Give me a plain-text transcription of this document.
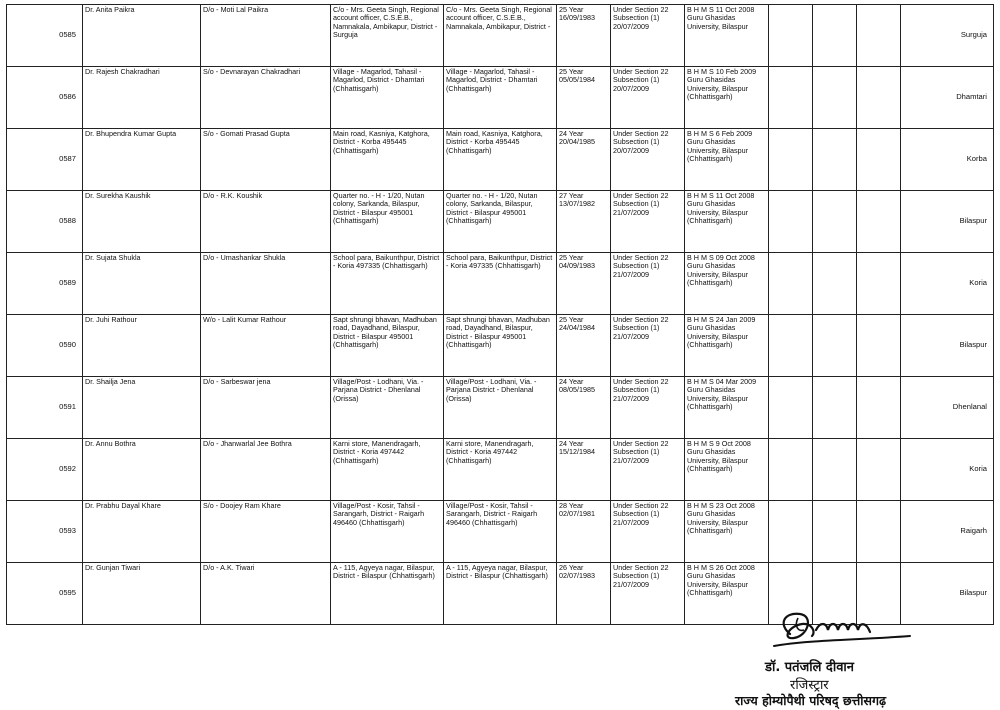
0585	Dr. Anita Paikra	D/o - Moti Lal Paikra	C/o - Mrs. Geeta Singh, Regional account officer, C.S.E.B., Namnakala, Ambikapur, District - Surguja	C/o - Mrs. Geeta Singh, Regional account officer, C.S.E.B., Namnakala, Ambikapur, District -	25 Year 16/09/1983	Under Section 22 Subsection (1) 20/07/2009	B H M S 11 Oct 2008 Guru Ghasidas University, Bilaspur				Surguja
0586	Dr. Rajesh Chakradhari	S/o - Devnarayan Chakradhari	Village - Magarlod, Tahasil - Magarlod, District - Dhamtari (Chhattisgarh)	Village - Magarlod, Tahasil - Magarlod, District - Dhamtari (Chhattisgarh)	25 Year 05/05/1984	Under Section 22 Subsection (1) 20/07/2009	B H M S 10 Feb 2009 Guru Ghasidas University, Bilaspur (Chhattisgarh)				Dhamtari
0587	Dr. Bhupendra Kumar Gupta	S/o - Gomati Prasad Gupta	Main road, Kasniya, Katghora, District - Korba 495445 (Chhattisgarh)	Main road, Kasniya, Katghora, District - Korba 495445 (Chhattisgarh)	24 Year 20/04/1985	Under Section 22 Subsection (1) 20/07/2009	B H M S 6 Feb 2009 Guru Ghasidas University, Bilaspur (Chhattisgarh)				Korba
0588	Dr. Surekha Kaushik	D/o - R.K. Koushik	Quarter no. - H - 1/20, Nutan colony, Sarkanda, Bilaspur, District - Bilaspur 495001 (Chhattisgarh)	Quarter no. - H - 1/20, Nutan colony, Sarkanda, Bilaspur, District - Bilaspur 495001 (Chhattisgarh)	27 Year 13/07/1982	Under Section 22 Subsection (1) 21/07/2009	B H M S 11 Oct 2008 Guru Ghasidas University, Bilaspur (Chhattisgarh)				Bilaspur
0589	Dr. Sujata Shukla	D/o - Umashankar Shukla	School para, Baikunthpur, District - Koria 497335 (Chhattisgarh)	School para, Baikunthpur, District - Koria 497335 (Chhattisgarh)	25 Year 04/09/1983	Under Section 22 Subsection (1) 21/07/2009	B H M S 09 Oct 2008 Guru Ghasidas University, Bilaspur (Chhattisgarh)				Koria
0590	Dr. Juhi Rathour	W/o - Lalit Kumar Rathour	Sapt shrungi bhavan, Madhuban road, Dayadhand, Bilaspur, District - Bilaspur 495001 (Chhattisgarh)	Sapt shrungi bhavan, Madhuban road, Dayadhand, Bilaspur, District - Bilaspur 495001 (Chhattisgarh)	25 Year 24/04/1984	Under Section 22 Subsection (1) 21/07/2009	B H M S 24 Jan 2009 Guru Ghasidas University, Bilaspur (Chhattisgarh)				Bilaspur
0591	Dr. Shailja Jena	D/o - Sarbeswar jena	Village/Post - Lodhani, Via. - Parjana District - Dhenlanal (Orissa)	Village/Post - Lodhani, Via. - Parjana District - Dhenlanal (Orissa)	24 Year 08/05/1985	Under Section 22 Subsection (1) 21/07/2009	B H M S 04 Mar 2009 Guru Ghasidas University, Bilaspur (Chhattisgarh)				Dhenlanal
0592	Dr. Annu Bothra	D/o - Jhanwarlal Jee Bothra	Karni store, Manendragarh, District - Koria 497442 (Chhattisgarh)	Karni store, Manendragarh, District - Koria 497442 (Chhattisgarh)	24 Year 15/12/1984	Under Section 22 Subsection (1) 21/07/2009	B H M S 9 Oct 2008 Guru Ghasidas University, Bilaspur (Chhattisgarh)				Koria
0593	Dr. Prabhu Dayal Khare	S/o - Doojey Ram Khare	Village/Post - Kosir, Tahsil - Sarangarh, District - Raigarh 496460 (Chhattisgarh)	Village/Post - Kosir, Tahsil - Sarangarh, District - Raigarh 496460 (Chhattisgarh)	28 Year 02/07/1981	Under Section 22 Subsection (1) 21/07/2009	B H M S 23 Oct 2008 Guru Ghasidas University, Bilaspur (Chhattisgarh)				Raigarh
0595	Dr. Gunjan Tiwari	D/o - A.K. Tiwari	A - 115, Agyeya nagar, Bilaspur, District - Bilaspur (Chhattisgarh)	A - 115, Agyeya nagar, Bilaspur, District - Bilaspur (Chhattisgarh)	26 Year 02/07/1983	Under Section 22 Subsection (1) 21/07/2009	B H M S 26 Oct 2008 Guru Ghasidas University, Bilaspur (Chhattisgarh)				Bilaspur
डॉ. पतंजलि दीवान
रजिस्ट्रार
राज्य होम्योपैथी परिषद् छत्तीसगढ़
